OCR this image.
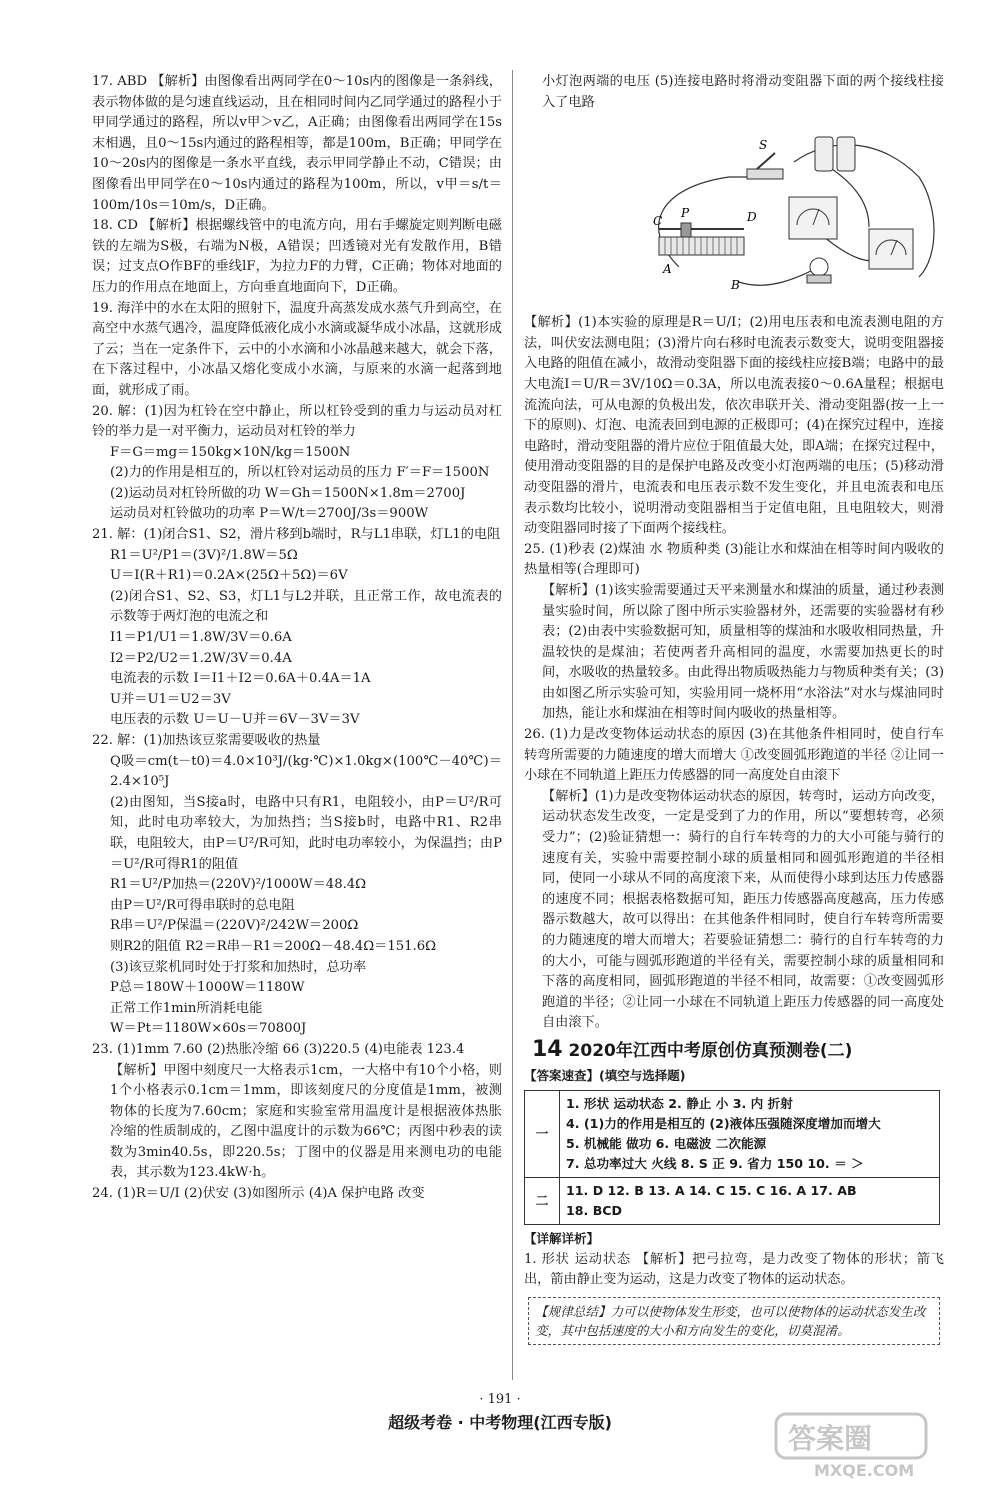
17. ABD 【解析】由图像看出两同学在0～10s内的图像是一条斜线，表示物体做的是匀速直线运动，且在相同时间内乙同学通过的路程小于甲同学通过的路程，所以v甲＞v乙，A正确；由图像看出两同学在15s末相遇，且0～15s内通过的路程相等，都是100m，B正确；甲同学在10～20s内的图像是一条水平直线，表示甲同学静止不动，C错误；由图像看出甲同学在0～10s内通过的路程为100m，所以，v甲＝s/t＝100m/10s＝10m/s，D正确。

18. CD 【解析】根据螺线管中的电流方向，用右手螺旋定则判断电磁铁的左端为S极，右端为N极，A错误；凹透镜对光有发散作用，B错误；过支点O作BF的垂线lF，为拉力F的力臂，C正确；物体对地面的压力的作用点在地面上，方向垂直地面向下，D正确。

19. 海洋中的水在太阳的照射下，温度升高蒸发成水蒸气升到高空，在高空中水蒸气遇冷，温度降低液化成小水滴或凝华成小冰晶，这就形成了云；当在一定条件下，云中的小水滴和小冰晶越来越大，就会下落，在下落过程中，小冰晶又熔化变成小水滴，与原来的水滴一起落到地面，就形成了雨。

20. 解：(1)因为杠铃在空中静止，所以杠铃受到的重力与运动员对杠铃的举力是一对平衡力，运动员对杠铃的举力

F＝G＝mg＝150kg×10N/kg＝1500N

(2)力的作用是相互的，所以杠铃对运动员的压力 F′＝F＝1500N

(2)运动员对杠铃所做的功 W＝Gh＝1500N×1.8m＝2700J

运动员对杠铃做功的功率 P＝W/t＝2700J/3s＝900W

21. 解：(1)闭合S1、S2，滑片移到b端时，R与L1串联，灯L1的电阻

R1＝U²/P1＝(3V)²/1.8W＝5Ω

U＝I(R＋R1)＝0.2A×(25Ω＋5Ω)＝6V

(2)闭合S1、S2、S3，灯L1与L2并联，且正常工作，故电流表的示数等于两灯泡的电流之和

I1＝P1/U1＝1.8W/3V＝0.6A

I2＝P2/U2＝1.2W/3V＝0.4A

电流表的示数 I＝I1＋I2＝0.6A＋0.4A＝1A

U并＝U1＝U2＝3V

电压表的示数 U＝U－U并＝6V－3V＝3V

22. 解：(1)加热该豆浆需要吸收的热量

Q吸＝cm(t－t0)＝4.0×10³J/(kg·℃)×1.0kg×(100℃－40℃)＝2.4×10⁵J

(2)由图知，当S接a时，电路中只有R1，电阻较小，由P＝U²/R可知，此时电功率较大，为加热挡；当S接b时，电路中R1、R2串联，电阻较大，由P＝U²/R可知，此时电功率较小，为保温挡；由P＝U²/R可得R1的阻值

R1＝U²/P加热＝(220V)²/1000W＝48.4Ω

由P＝U²/R可得串联时的总电阻

R串＝U²/P保温＝(220V)²/242W＝200Ω

则R2的阻值 R2＝R串－R1＝200Ω－48.4Ω＝151.6Ω

(3)该豆浆机同时处于打浆和加热时，总功率

P总＝180W＋1000W＝1180W

正常工作1min所消耗电能

W＝Pt＝1180W×60s＝70800J

23. (1)1mm 7.60 (2)热胀冷缩 66 (3)220.5 (4)电能表 123.4

【解析】甲图中刻度尺一大格表示1cm，一大格中有10个小格，则1个小格表示0.1cm＝1mm，即该刻度尺的分度值是1mm，被测物体的长度为7.60cm；家庭和实验室常用温度计是根据液体热胀冷缩的性质制成的，乙图中温度计的示数为66℃；丙图中秒表的读数为3min40.5s，即220.5s；丁图中的仪器是用来测电功的电能表，其示数为123.4kW·h。

24. (1)R＝U/I (2)伏安 (3)如图所示 (4)A 保护电路 改变

小灯泡两端的电压 (5)连接电路时将滑动变阻器下面的两个接线柱接入了电路

S
C
P	D
A
B

【解析】(1)本实验的原理是R＝U/I；(2)用电压表和电流表测电阻的方法，叫伏安法测电阻；(3)滑片向右移时电流表示数变大，说明变阻器接入电路的阻值在减小，故滑动变阻器下面的接线柱应接B端；电路中的最大电流I＝U/R＝3V/10Ω＝0.3A，所以电流表接0～0.6A量程；根据电流流向法，可从电源的负极出发，依次串联开关、滑动变阻器(按一上一下的原则)、灯泡、电流表回到电源的正极即可；(4)在探究过程中，连接电路时，滑动变阻器的滑片应位于阻值最大处，即A端；在探究过程中，使用滑动变阻器的目的是保护电路及改变小灯泡两端的电压；(5)移动滑动变阻器的滑片，电流表和电压表示数不发生变化，并且电流表和电压表示数均比较小，说明滑动变阻器相当于定值电阻，且电阻较大，则滑动变阻器同时接了下面两个接线柱。

25. (1)秒表 (2)煤油 水 物质种类 (3)能让水和煤油在相等时间内吸收的热量相等(合理即可)

【解析】(1)该实验需要通过天平来测量水和煤油的质量，通过秒表测量实验时间，所以除了图中所示实验器材外，还需要的实验器材有秒表；(2)由表中实验数据可知，质量相等的煤油和水吸收相同热量，升温较快的是煤油；若使两者升高相同的温度，水需要加热更长的时间，水吸收的热量较多。由此得出物质吸热能力与物质种类有关；(3)由如图乙所示实验可知，实验用同一烧杯用“水浴法”对水与煤油同时加热，能让水和煤油在相等时间内吸收的热量相等。

26. (1)力是改变物体运动状态的原因 (3)在其他条件相同时，使自行车转弯所需要的力随速度的增大而增大 ①改变圆弧形跑道的半径 ②让同一小球在不同轨道上距压力传感器的同一高度处自由滚下

【解析】(1)力是改变物体运动状态的原因，转弯时，运动方向改变，运动状态发生改变，一定是受到了力的作用，所以“要想转弯，必须受力”；(2)验证猜想一：骑行的自行车转弯的力的大小可能与骑行的速度有关，实验中需要控制小球的质量相同和圆弧形跑道的半径相同，使同一小球从不同的高度滚下来，从而使得小球到达压力传感器的速度不同；根据表格数据可知，距压力传感器高度越高，压力传感器示数越大，故可以得出：在其他条件相同时，使自行车转弯所需要的力随速度的增大而增大；若要验证猜想二：骑行的自行车转弯的力的大小，可能与圆弧形跑道的半径有关，需要控制小球的质量相同和下落的高度相同，圆弧形跑道的半径不相同，故需要：①改变圆弧形跑道的半径；②让同一小球在不同轨道上距压力传感器的同一高度处自由滚下。

14 2020年江西中考原创仿真预测卷(二)
【答案速查】(填空与选择题)
一	1. 形状 运动状态 2. 静止 小 3. 内 折射
4. (1)力的作用是相互的 (2)液体压强随深度增加而增大
5. 机械能 做功 6. 电磁波 二次能源
7. 总功率过大 火线 8. S 正 9. 省力 150 10. ＝ ＞

二	11. D 12. B 13. A 14. C 15. C 16. A 17. AB
18. BCD
【详解详析】

1. 形状 运动状态 【解析】把弓拉弯，是力改变了物体的形状；箭飞出，箭由静止变为运动，这是力改变了物体的运动状态。

【规律总结】力可以使物体发生形变，也可以使物体的运动状态发生改变，其中包括速度的大小和方向发生的变化，切莫混淆。
· 191 ·
超级考卷 · 中考物理(江西专版)	答案圈
MXQE.COM
